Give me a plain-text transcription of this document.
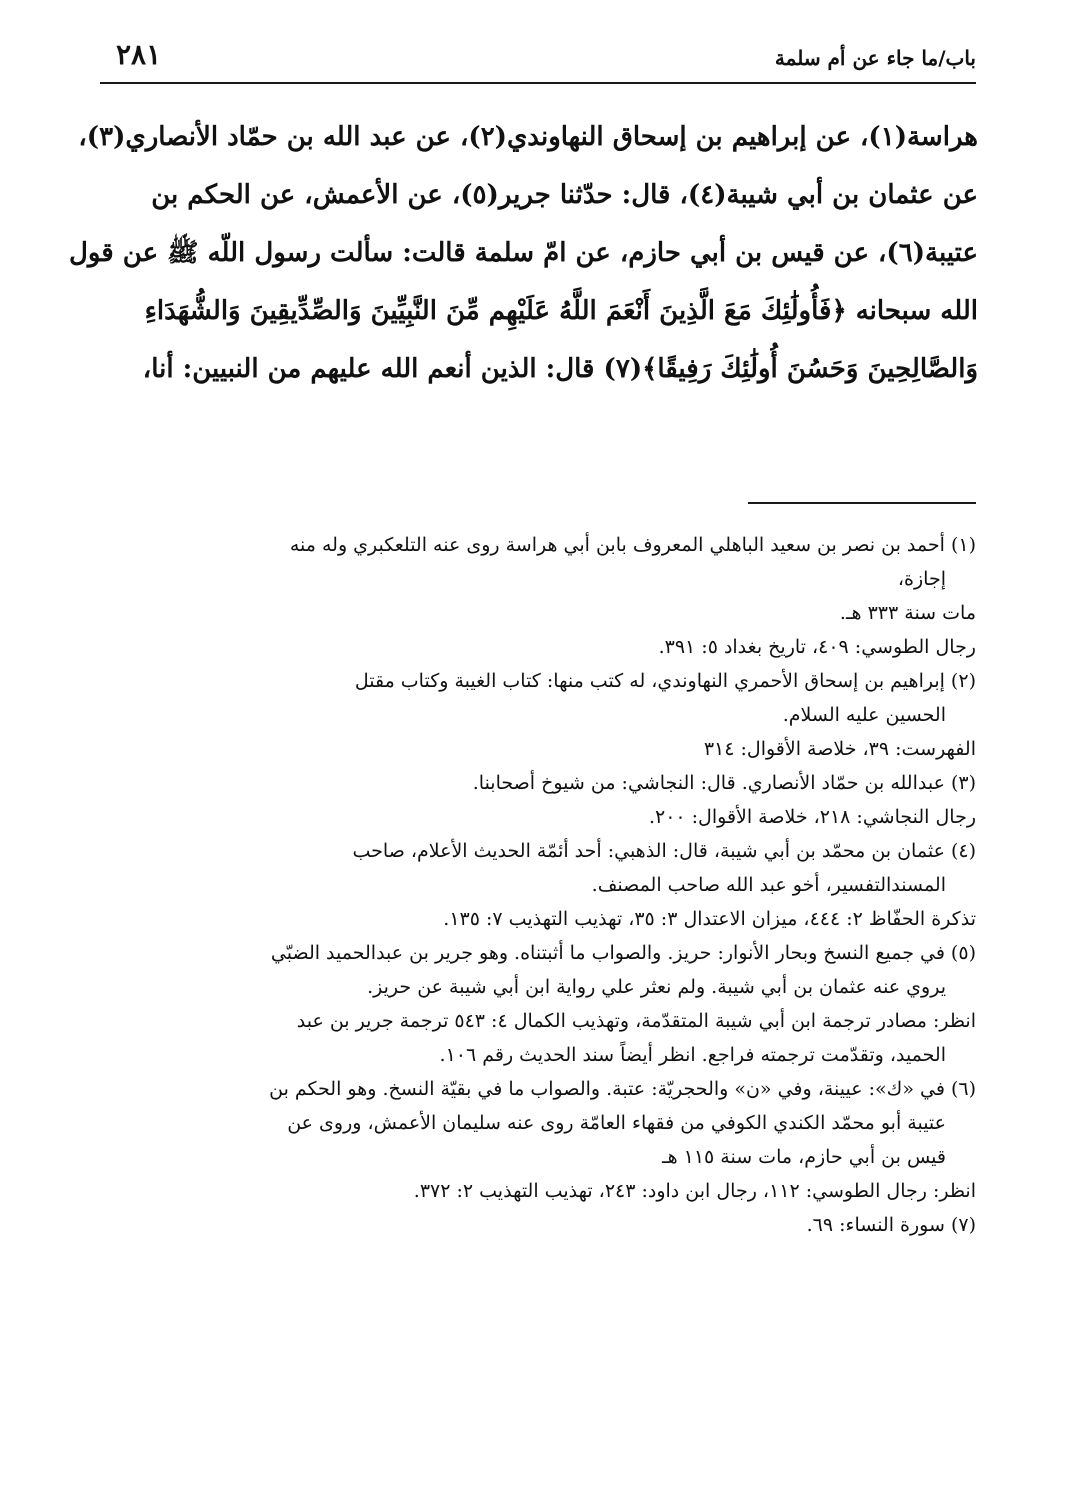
باب/ما جاء عن أم سلمة
٢٨١
هراسة(١)، عن إبراهيم بن إسحاق النهاوندي(٢)، عن عبد الله بن حمّاد الأنصاري(٣)،
عن عثمان بن أبي شيبة(٤)، قال: حدّثنا جرير(٥)، عن الأعمش، عن الحكم بن
عتيبة(٦)، عن قيس بن أبي حازم، عن امّ سلمة قالت: سألت رسول اللّه ﷺ عن قول
الله سبحانه ﴿فَأُولَٰئِكَ مَعَ الَّذِينَ أَنْعَمَ اللَّهُ عَلَيْهِم مِّنَ النَّبِيِّينَ وَالصِّدِّيقِينَ وَالشُّهَدَاءِ
وَالصَّالِحِينَ وَحَسُنَ أُولَٰئِكَ رَفِيقًا﴾(٧) قال: الذين أنعم الله عليهم من النبيين: أنا،
(١) أحمد بن نصر بن سعيد الباهلي المعروف بابن أبي هراسة روى عنه التلعكبري وله منه
إجازة،
مات سنة ٣٣٣ هـ.
رجال الطوسي: ٤٠٩، تاريخ بغداد ٥: ٣٩١.
(٢) إبراهيم بن إسحاق الأحمري النهاوندي، له كتب منها: كتاب الغيبة وكتاب مقتل
الحسين عليه السلام.
الفهرست: ٣٩، خلاصة الأقوال: ٣١٤
(٣) عبدالله بن حمّاد الأنصاري. قال: النجاشي: من شيوخ أصحابنا.
رجال النجاشي: ٢١٨، خلاصة الأقوال: ٢٠٠.
(٤) عثمان بن محمّد بن أبي شيبة، قال: الذهبي: أحد أئمّة الحديث الأعلام، صاحب
المسندالتفسير، أخو عبد الله صاحب المصنف.
تذكرة الحفّاظ ٢: ٤٤٤، ميزان الاعتدال ٣: ٣٥، تهذيب التهذيب ٧: ١٣٥.
(٥) في جميع النسخ وبحار الأنوار: حريز. والصواب ما أثبتناه. وهو جرير بن عبدالحميد الضبّي
يروي عنه عثمان بن أبي شيبة. ولم نعثر علي رواية ابن أبي شيبة عن حريز.
انظر: مصادر ترجمة ابن أبي شيبة المتقدّمة، وتهذيب الكمال ٤: ٥٤٣ ترجمة جرير بن عبد
الحميد، وتقدّمت ترجمته فراجع. انظر أيضاً سند الحديث رقم ١٠٦.
(٦) في «ك»: عيينة، وفي «ن» والحجريّة: عتبة. والصواب ما في بقيّة النسخ. وهو الحكم بن
عتيبة أبو محمّد الكندي الكوفي من فقهاء العامّة روى عنه سليمان الأعمش، وروى عن
قيس بن أبي حازم، مات سنة ١١٥ هـ
انظر: رجال الطوسي: ١١٢، رجال ابن داود: ٢٤٣، تهذيب التهذيب ٢: ٣٧٢.
(٧) سورة النساء: ٦٩.
